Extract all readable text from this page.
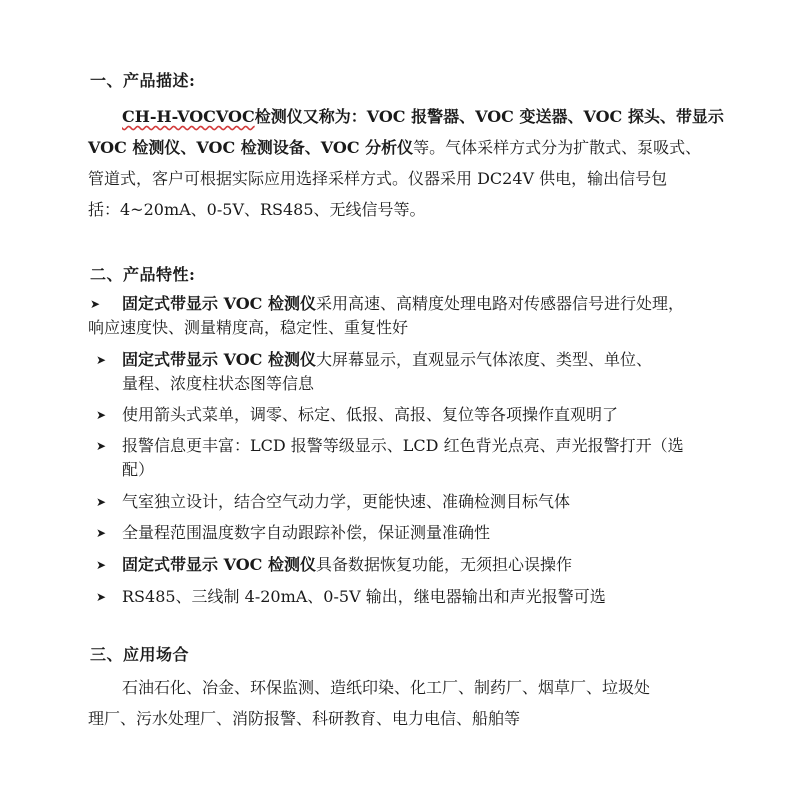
一、产品描述:
CH-H-VOCVOC检测仪又称为：VOC 报警器、VOC 变送器、VOC 探头、带显示
VOC 检测仪、VOC 检测设备、VOC 分析仪等。气体采样方式分为扩散式、泵吸式、
管道式，客户可根据实际应用选择采样方式。仪器采用 DC24V 供电，输出信号包
括：4~20mA、0-5V、RS485、无线信号等。
二、产品特性:
➤ 固定式带显示 VOC 检测仪采用高速、高精度处理电路对传感器信号进行处理，
响应速度快、测量精度高，稳定性、重复性好
➤ 固定式带显示 VOC 检测仪大屏幕显示，直观显示气体浓度、类型、单位、
量程、浓度柱状态图等信息
➤ 使用箭头式菜单，调零、标定、低报、高报、复位等各项操作直观明了
➤ 报警信息更丰富：LCD 报警等级显示、LCD 红色背光点亮、声光报警打开（选
配）
➤ 气室独立设计，结合空气动力学，更能快速、准确检测目标气体
➤ 全量程范围温度数字自动跟踪补偿，保证测量准确性
➤ 固定式带显示 VOC 检测仪具备数据恢复功能，无须担心误操作
➤ RS485、三线制 4-20mA、0-5V 输出，继电器输出和声光报警可选
三、应用场合
石油石化、冶金、环保监测、造纸印染、化工厂、制药厂、烟草厂、垃圾处
理厂、污水处理厂、消防报警、科研教育、电力电信、船舶等
